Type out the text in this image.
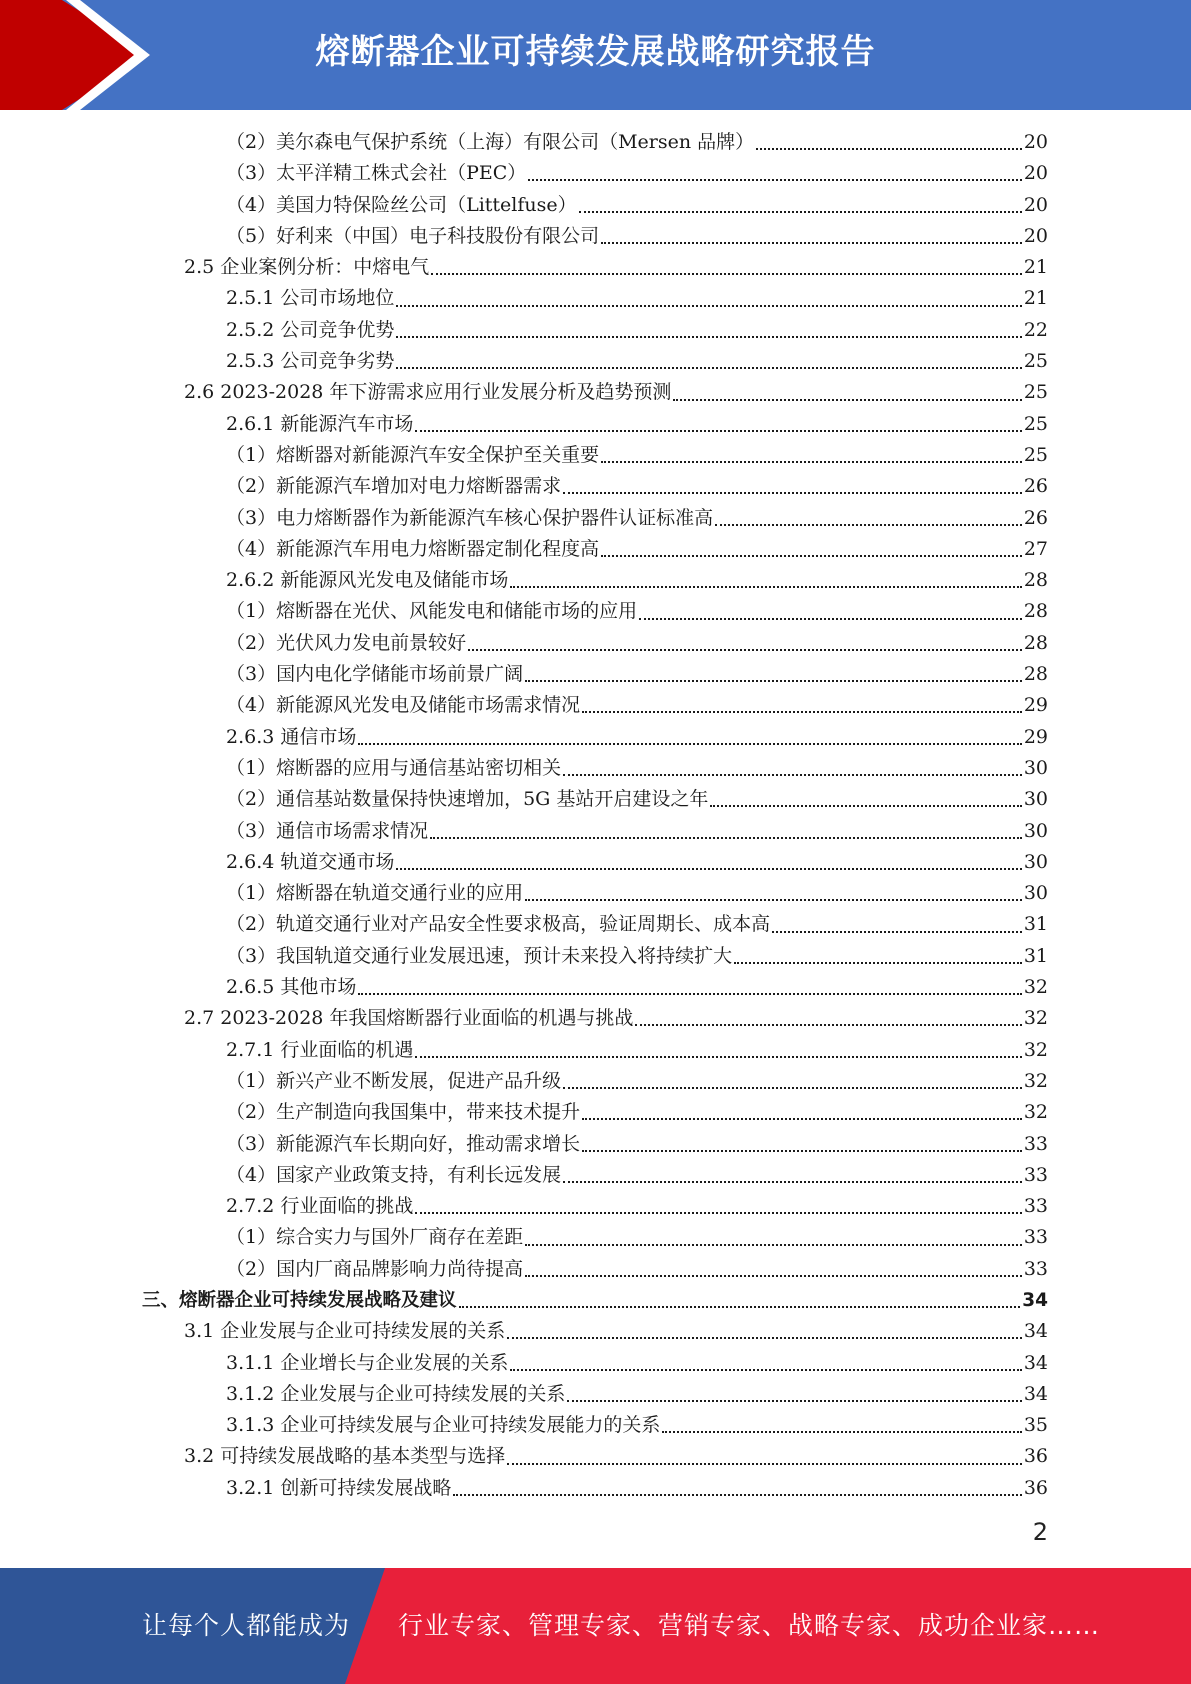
熔断器企业可持续发展战略研究报告
（2）美尔森电气保护系统（上海）有限公司（Mersen 品牌）	20
（3）太平洋精工株式会社（PEC）	20
（4）美国力特保险丝公司（Littelfuse）	20
（5）好利来（中国）电子科技股份有限公司	20
2.5 企业案例分析：中熔电气	21
2.5.1 公司市场地位	21
2.5.2 公司竞争优势	22
2.5.3 公司竞争劣势	25
2.6 2023-2028 年下游需求应用行业发展分析及趋势预测	25
2.6.1 新能源汽车市场	25
（1）熔断器对新能源汽车安全保护至关重要	25
（2）新能源汽车增加对电力熔断器需求	26
（3）电力熔断器作为新能源汽车核心保护器件认证标准高	26
（4）新能源汽车用电力熔断器定制化程度高	27
2.6.2 新能源风光发电及储能市场	28
（1）熔断器在光伏、风能发电和储能市场的应用	28
（2）光伏风力发电前景较好	28
（3）国内电化学储能市场前景广阔	28
（4）新能源风光发电及储能市场需求情况	29
2.6.3 通信市场	29
（1）熔断器的应用与通信基站密切相关	30
（2）通信基站数量保持快速增加，5G 基站开启建设之年	30
（3）通信市场需求情况	30
2.6.4 轨道交通市场	30
（1）熔断器在轨道交通行业的应用	30
（2）轨道交通行业对产品安全性要求极高，验证周期长、成本高	31
（3）我国轨道交通行业发展迅速，预计未来投入将持续扩大	31
2.6.5 其他市场	32
2.7 2023-2028 年我国熔断器行业面临的机遇与挑战	32
2.7.1 行业面临的机遇	32
（1）新兴产业不断发展，促进产品升级	32
（2）生产制造向我国集中，带来技术提升	32
（3）新能源汽车长期向好，推动需求增长	33
（4）国家产业政策支持，有利长远发展	33
2.7.2 行业面临的挑战	33
（1）综合实力与国外厂商存在差距	33
（2）国内厂商品牌影响力尚待提高	33
三、熔断器企业可持续发展战略及建议	34
3.1 企业发展与企业可持续发展的关系	34
3.1.1 企业增长与企业发展的关系	34
3.1.2 企业发展与企业可持续发展的关系	34
3.1.3 企业可持续发展与企业可持续发展能力的关系	35
3.2 可持续发展战略的基本类型与选择	36
3.2.1 创新可持续发展战略	36
2
让每个人都能成为 行业专家、管理专家、营销专家、战略专家、成功企业家……
